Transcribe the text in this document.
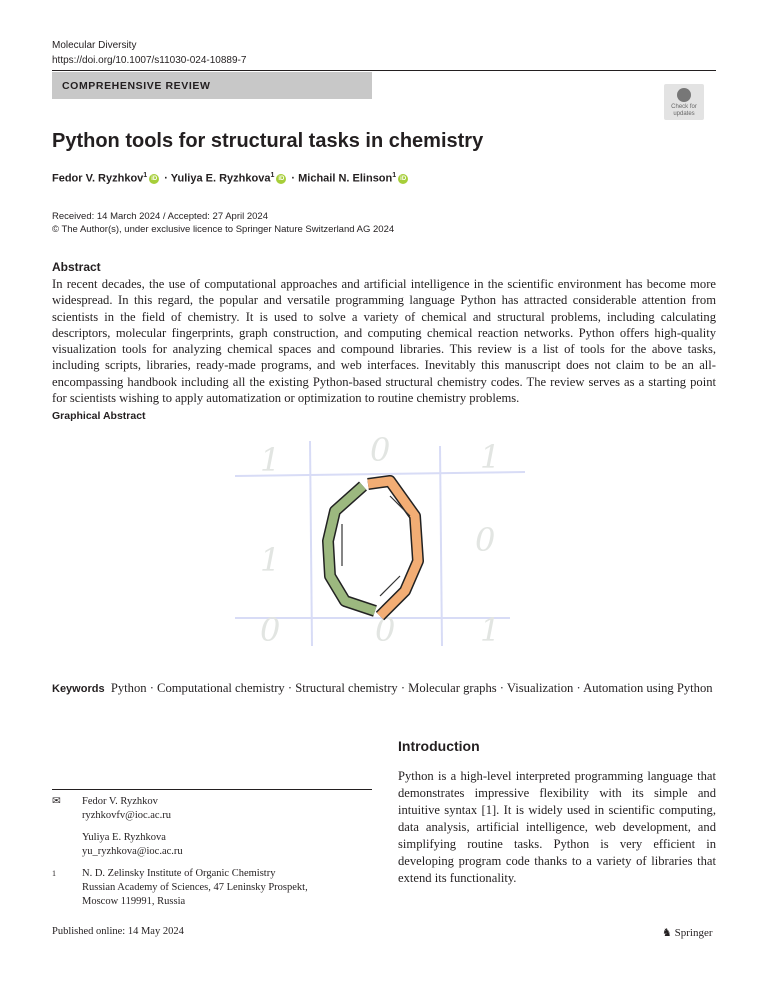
Molecular Diversity
https://doi.org/10.1007/s11030-024-10889-7
COMPREHENSIVE REVIEW
Check for
updates
Python tools for structural tasks in chemistry
Fedor V. Ryzhkov$^1$ iD · Yuliya E. Ryzhkova$^1$ iD · Michail N. Elinson$^1$ iD
Received: 14 March 2024 / Accepted: 27 April 2024
© The Author(s), under exclusive licence to Springer Nature Switzerland AG 2024
Abstract
In recent decades, the use of computational approaches and artificial intelligence in the scientific environment has become more widespread. In this regard, the popular and versatile programming language Python has attracted considerable attention from scientists in the field of chemistry. It is used to solve a variety of chemical and structural problems, including calculating descriptors, molecular fingerprints, graph construction, and computing chemical reaction networks. Python offers high-quality visualization tools for analyzing chemical spaces and compound libraries. This review is a list of tools for the above tasks, including scripts, libraries, ready-made programs, and web interfaces. Inevitably this manuscript does not claim to be an all-encompassing handbook including all the existing Python-based structural chemistry codes. The review serves as a starting point for scientists wishing to apply automatization or optimization to routine chemistry problems.
Graphical Abstract
1	0	1
1
0
0	0	1
Keywords Python · Computational chemistry · Structural chemistry · Molecular graphs · Visualization · Automation using Python
✉ Fedor V. Ryzhkov
ryzhkovfv@ioc.ac.ru
Yuliya E. Ryzhkova
yu_ryzhkova@ioc.ac.ru
1 N. D. Zelinsky Institute of Organic Chemistry
Russian Academy of Sciences, 47 Leninsky Prospekt,
Moscow 119991, Russia
Published online: 14 May 2024
Introduction
Python is a high-level interpreted programming language that demonstrates impressive flexibility with its simple and intuitive syntax [1]. It is widely used in scientific computing, data analysis, artificial intelligence, web development, and simplifying routine tasks. Python is very efficient in developing program code thanks to a variety of libraries that extend its functionality.
♞ Springer
